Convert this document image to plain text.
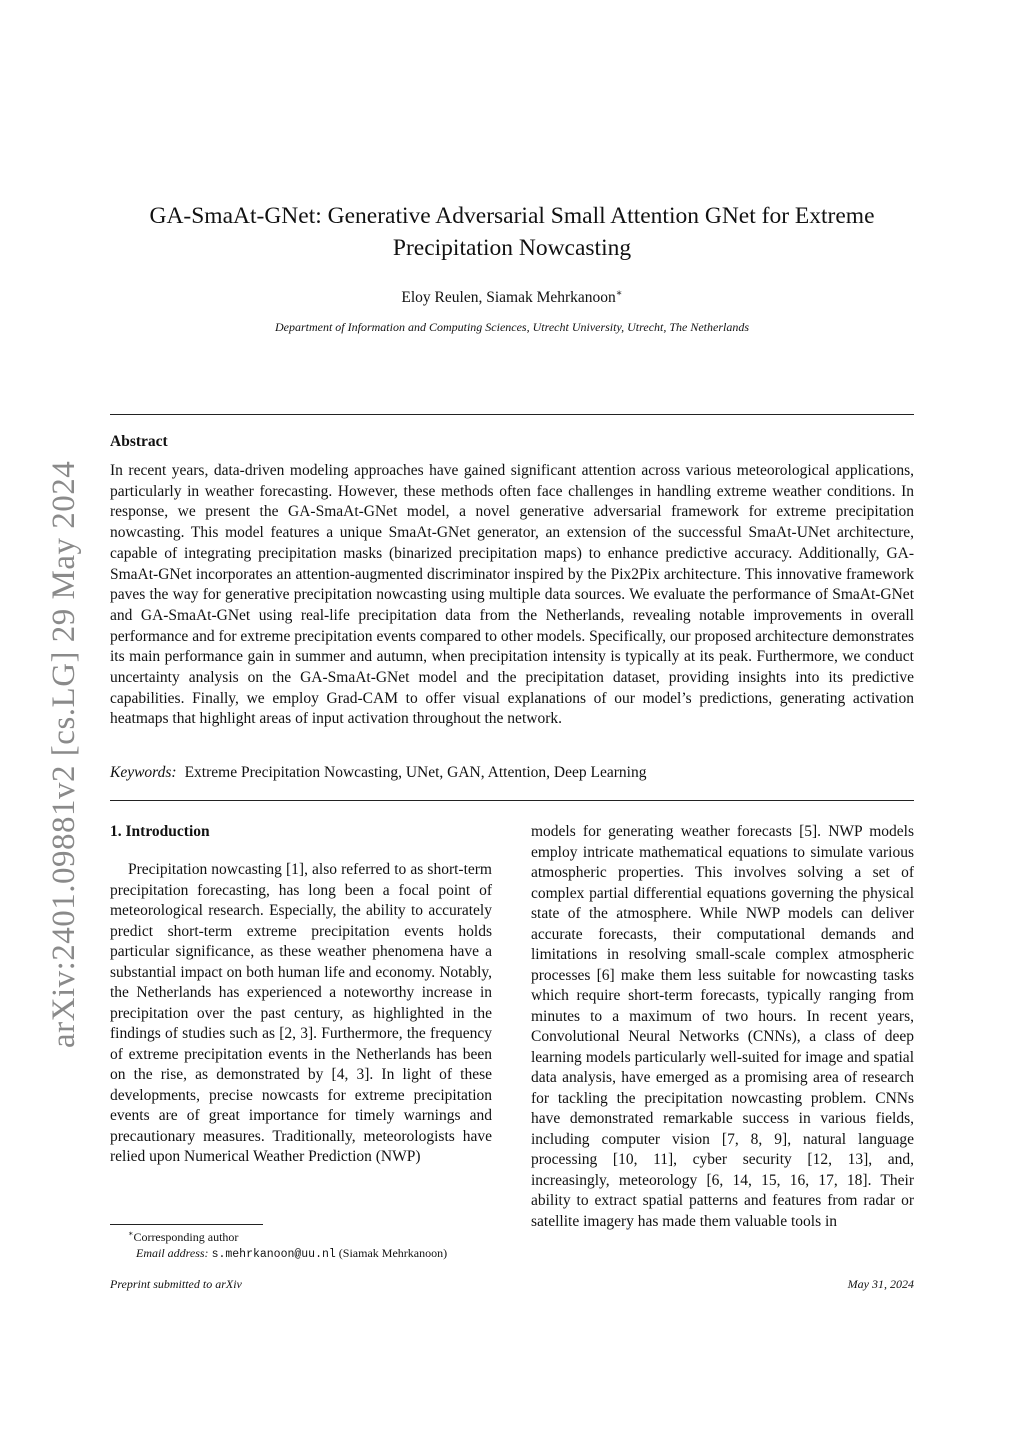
arXiv:2401.09881v2 [cs.LG] 29 May 2024
GA-SmaAt-GNet: Generative Adversarial Small Attention GNet for Extreme Precipitation Nowcasting
Eloy Reulen, Siamak Mehrkanoon∗
Department of Information and Computing Sciences, Utrecht University, Utrecht, The Netherlands
Abstract
In recent years, data-driven modeling approaches have gained significant attention across various meteorological applications, particularly in weather forecasting. However, these methods often face challenges in handling extreme weather conditions. In response, we present the GA-SmaAt-GNet model, a novel generative adversarial framework for extreme precipitation nowcasting. This model features a unique SmaAt-GNet generator, an extension of the successful SmaAt-UNet architecture, capable of integrating precipitation masks (binarized precipitation maps) to enhance predictive accuracy. Additionally, GA-SmaAt-GNet incorporates an attention-augmented discriminator inspired by the Pix2Pix architecture. This innovative framework paves the way for generative precipitation nowcasting using multiple data sources. We evaluate the performance of SmaAt-GNet and GA-SmaAt-GNet using real-life precipitation data from the Netherlands, revealing notable improvements in overall performance and for extreme precipitation events compared to other models. Specifically, our proposed architecture demonstrates its main performance gain in summer and autumn, when precipitation intensity is typically at its peak. Furthermore, we conduct uncertainty analysis on the GA-SmaAt-GNet model and the precipitation dataset, providing insights into its predictive capabilities. Finally, we employ Grad-CAM to offer visual explanations of our model’s predictions, generating activation heatmaps that highlight areas of input activation throughout the network.
Keywords: Extreme Precipitation Nowcasting, UNet, GAN, Attention, Deep Learning
1. Introduction
Precipitation nowcasting [1], also referred to as short-term precipitation forecasting, has long been a focal point of meteorological research. Especially, the ability to accurately predict short-term extreme precipitation events holds particular significance, as these weather phenomena have a substantial impact on both human life and economy. Notably, the Netherlands has experienced a noteworthy increase in precipitation over the past century, as highlighted in the findings of studies such as [2, 3]. Furthermore, the frequency of extreme precipitation events in the Netherlands has been on the rise, as demonstrated by [4, 3]. In light of these developments, precise nowcasts for extreme precipitation events are of great importance for timely warnings and precautionary measures. Traditionally, meteorologists have relied upon Numerical Weather Prediction (NWP)
models for generating weather forecasts [5]. NWP models employ intricate mathematical equations to simulate various atmospheric properties. This involves solving a set of complex partial differential equations governing the physical state of the atmosphere. While NWP models can deliver accurate forecasts, their computational demands and limitations in resolving small-scale complex atmospheric processes [6] make them less suitable for nowcasting tasks which require short-term forecasts, typically ranging from minutes to a maximum of two hours. In recent years, Convolutional Neural Networks (CNNs), a class of deep learning models particularly well-suited for image and spatial data analysis, have emerged as a promising area of research for tackling the precipitation nowcasting problem. CNNs have demonstrated remarkable success in various fields, including computer vision [7, 8, 9], natural language processing [10, 11], cyber security [12, 13], and, increasingly, meteorology [6, 14, 15, 16, 17, 18]. Their ability to extract spatial patterns and features from radar or satellite imagery has made them valuable tools in
∗Corresponding author
Email address: s.mehrkanoon@uu.nl (Siamak Mehrkanoon)
Preprint submitted to arXiv	May 31, 2024
